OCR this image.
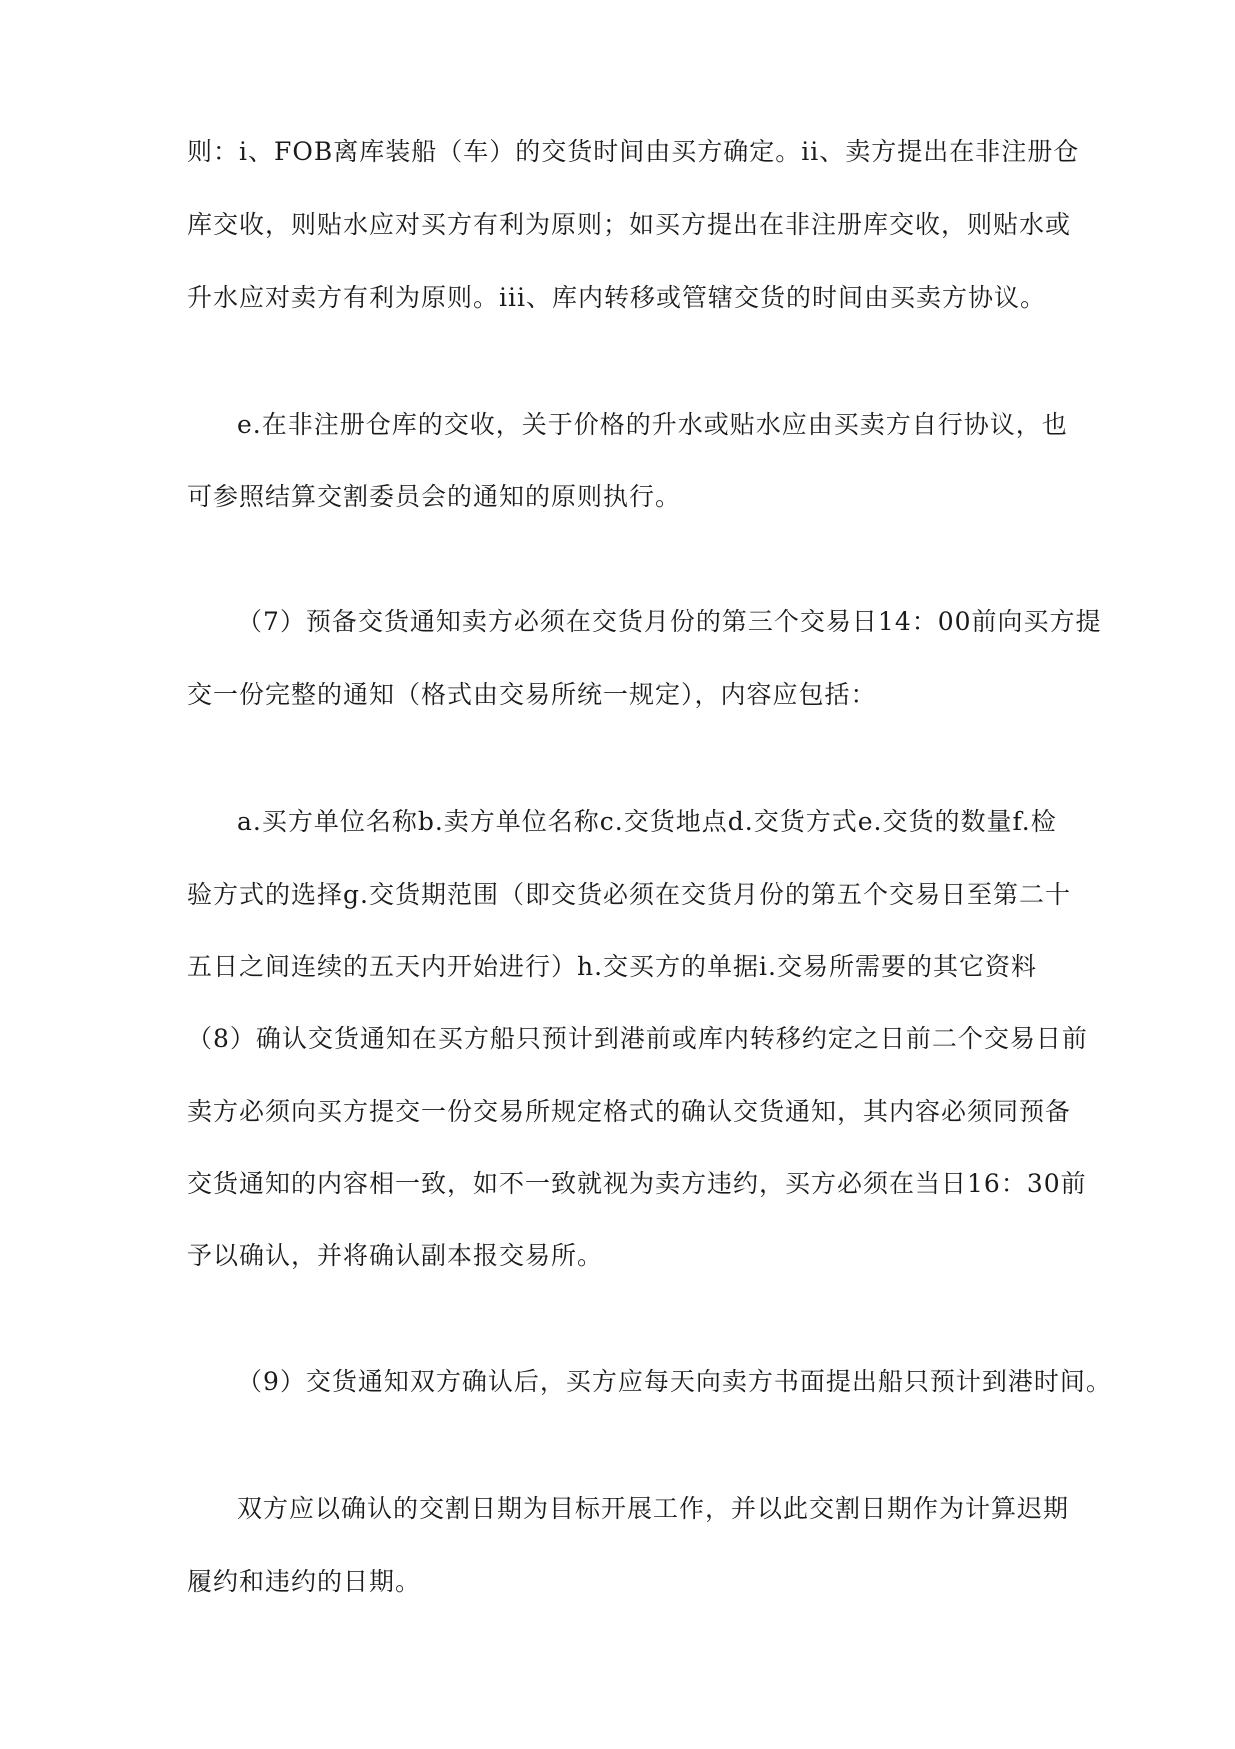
则：i、FOB离库装船（车）的交货时间由买方确定。ii、卖方提出在非注册仓
库交收，则贴水应对买方有利为原则；如买方提出在非注册库交收，则贴水或
升水应对卖方有利为原则。iii、库内转移或管辖交货的时间由买卖方协议。
e.在非注册仓库的交收，关于价格的升水或贴水应由买卖方自行协议，也
可参照结算交割委员会的通知的原则执行。
（7）预备交货通知卖方必须在交货月份的第三个交易日14：00前向买方提
交一份完整的通知（格式由交易所统一规定），内容应包括：
a.买方单位名称b.卖方单位名称c.交货地点d.交货方式e.交货的数量f.检
验方式的选择g.交货期范围（即交货必须在交货月份的第五个交易日至第二十
五日之间连续的五天内开始进行）h.交买方的单据i.交易所需要的其它资料
（8）确认交货通知在买方船只预计到港前或库内转移约定之日前二个交易日前
卖方必须向买方提交一份交易所规定格式的确认交货通知，其内容必须同预备
交货通知的内容相一致，如不一致就视为卖方违约，买方必须在当日16：30前
予以确认，并将确认副本报交易所。
（9）交货通知双方确认后，买方应每天向卖方书面提出船只预计到港时间。
双方应以确认的交割日期为目标开展工作，并以此交割日期作为计算迟期
履约和违约的日期。
